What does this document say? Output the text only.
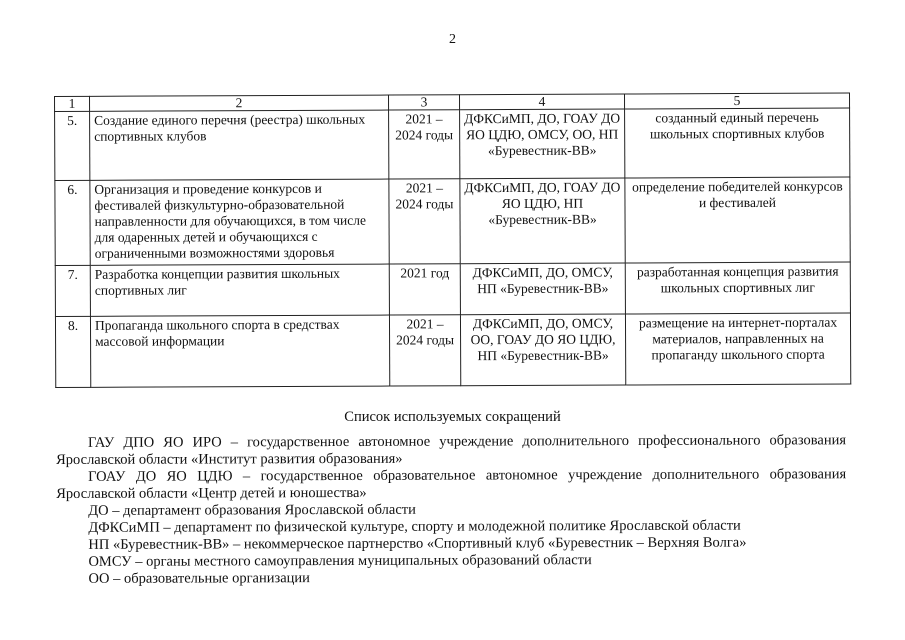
2
1	2	3	4	5
5.	Создание единого перечня (реестра) школьных спортивных клубов	2021 – 2024 годы	ДФКСиМП, ДО, ГОАУ ДО ЯО ЦДЮ, ОМСУ, ОО, НП «Буревестник-ВВ»	созданный единый перечень школьных спортивных клубов
6.	Организация и проведение конкурсов и фестивалей физкультурно-образовательной направленности для обучающихся, в том числе для одаренных детей и обучающихся с ограниченными возможностями здоровья	2021 – 2024 годы	ДФКСиМП, ДО, ГОАУ ДО ЯО ЦДЮ, НП «Буревестник-ВВ»	определение победителей конкурсов и фестивалей
7.	Разработка концепции развития школьных спортивных лиг	2021 год	ДФКСиМП, ДО, ОМСУ, НП «Буревестник-ВВ»	разработанная концепция развития школьных спортивных лиг
8.	Пропаганда школьного спорта в средствах массовой информации	2021 – 2024 годы	ДФКСиМП, ДО, ОМСУ, ОО, ГОАУ ДО ЯО ЦДЮ, НП «Буревестник-ВВ»	размещение на интернет-порталах материалов, направленных на пропаганду школьного спорта
Список используемых сокращений

ГАУ ДПО ЯО ИРО – государственное автономное учреждение дополнительного профессионального образования Ярославской области «Институт развития образования»

ГОАУ ДО ЯО ЦДЮ – государственное образовательное автономное учреждение дополнительного образования Ярославской области «Центр детей и юношества»

ДО – департамент образования Ярославской области

ДФКСиМП – департамент по физической культуре, спорту и молодежной политике Ярославской области

НП «Буревестник-ВВ» – некоммерческое партнерство «Спортивный клуб «Буревестник – Верхняя Волга»

ОМСУ – органы местного самоуправления муниципальных образований области

ОО – образовательные организации
